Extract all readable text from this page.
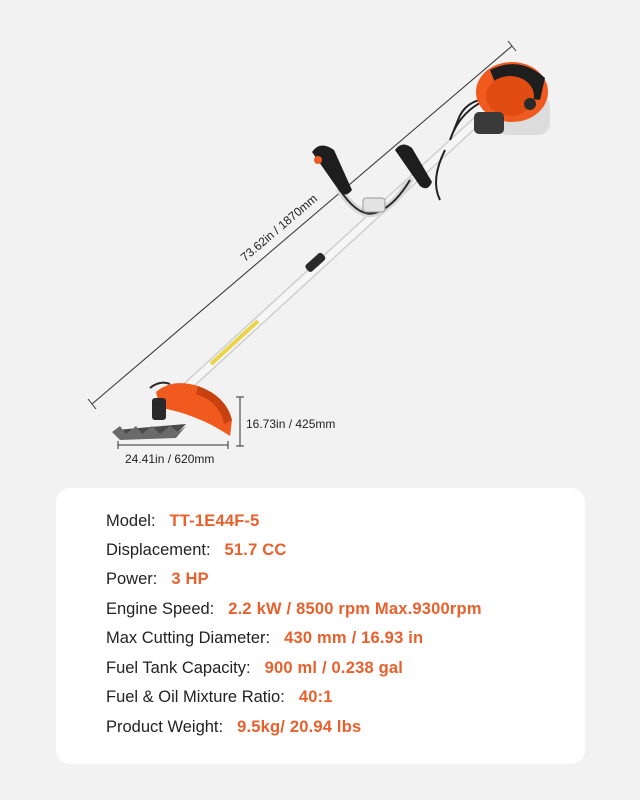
73.62in / 1870mm
16.73in / 425mm
24.41in / 620mm
Model: TT-1E44F-5
Displacement: 51.7 CC
Power: 3 HP
Engine Speed: 2.2 kW / 8500 rpm Max.9300rpm
Max Cutting Diameter: 430 mm / 16.93 in
Fuel Tank Capacity: 900 ml / 0.238 gal
Fuel & Oil Mixture Ratio: 40:1
Product Weight: 9.5kg/ 20.94 lbs
